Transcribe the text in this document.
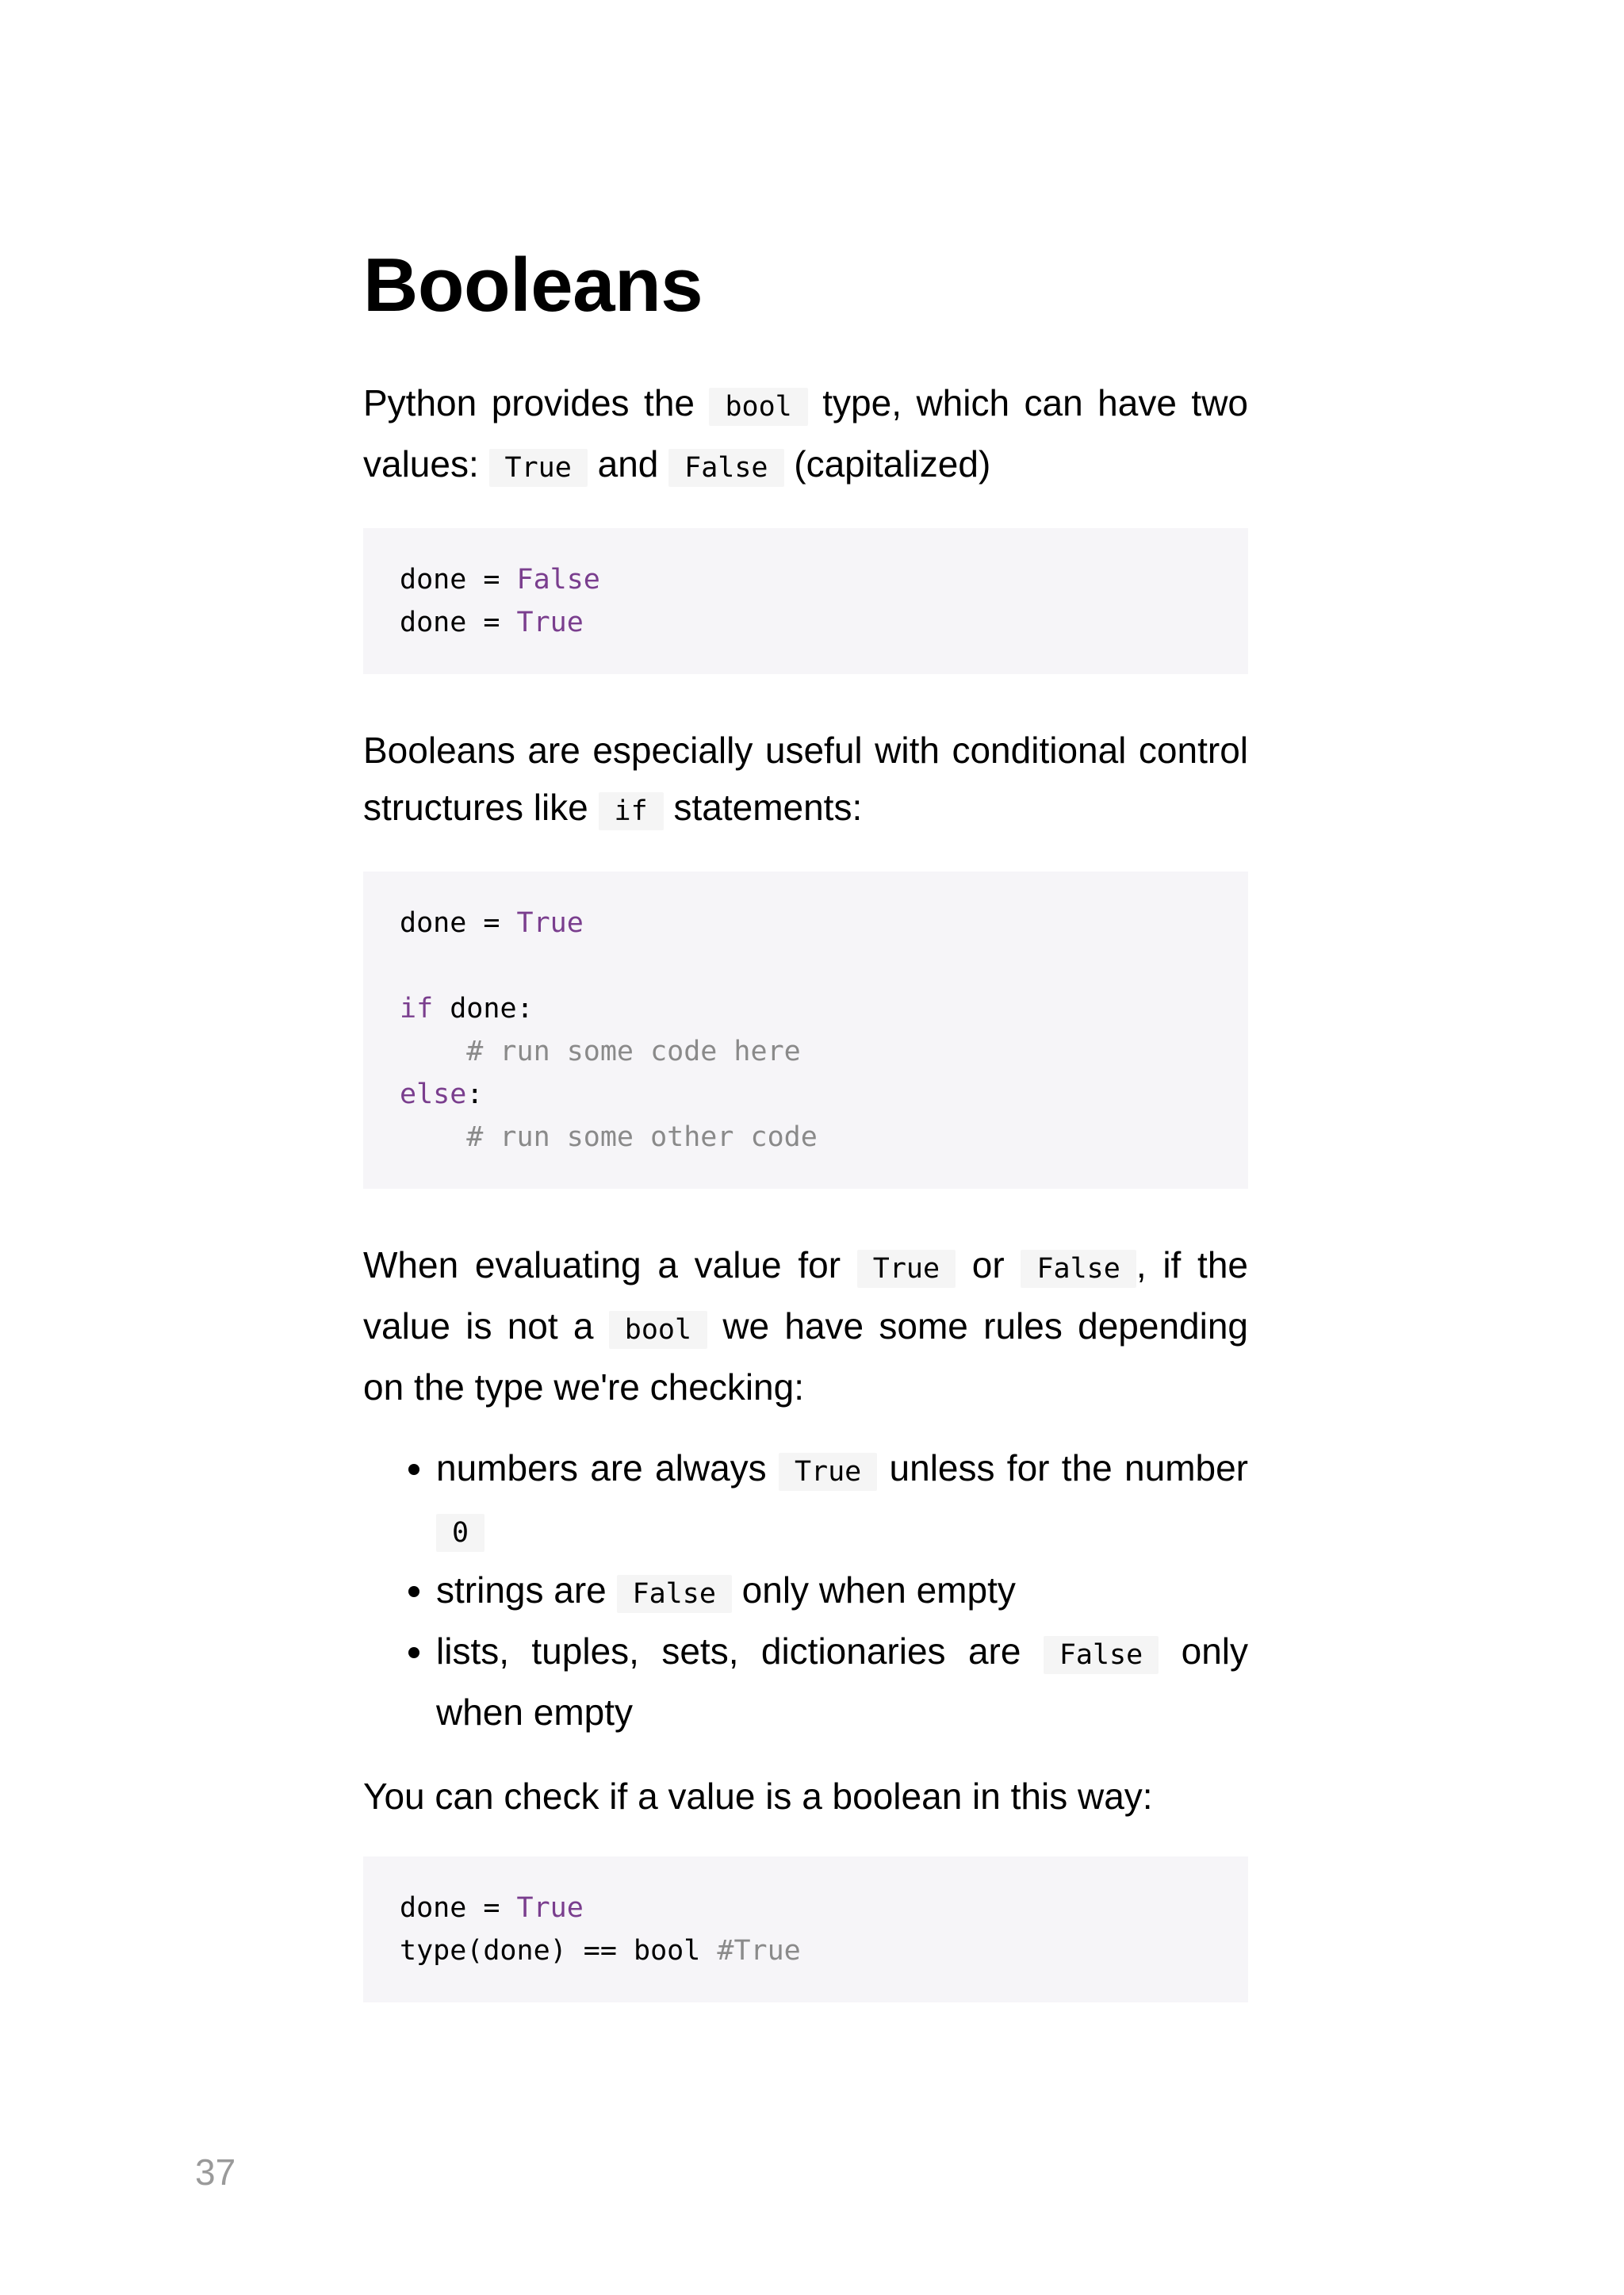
Booleans

Python provides the bool type, which can have two values: True and False (capitalized)

done = False
done = True

Booleans are especially useful with conditional control structures like if statements:

done = True

if done:
# run some code here
else:
# run some other code

When evaluating a value for True or False , if the value is not a bool we have some rules depending on the type we're checking:

• numbers are always True unless for the number 0
• strings are False only when empty
• lists, tuples, sets, dictionaries are False only when empty

You can check if a value is a boolean in this way:

done = True
type(done) == bool #True
37
